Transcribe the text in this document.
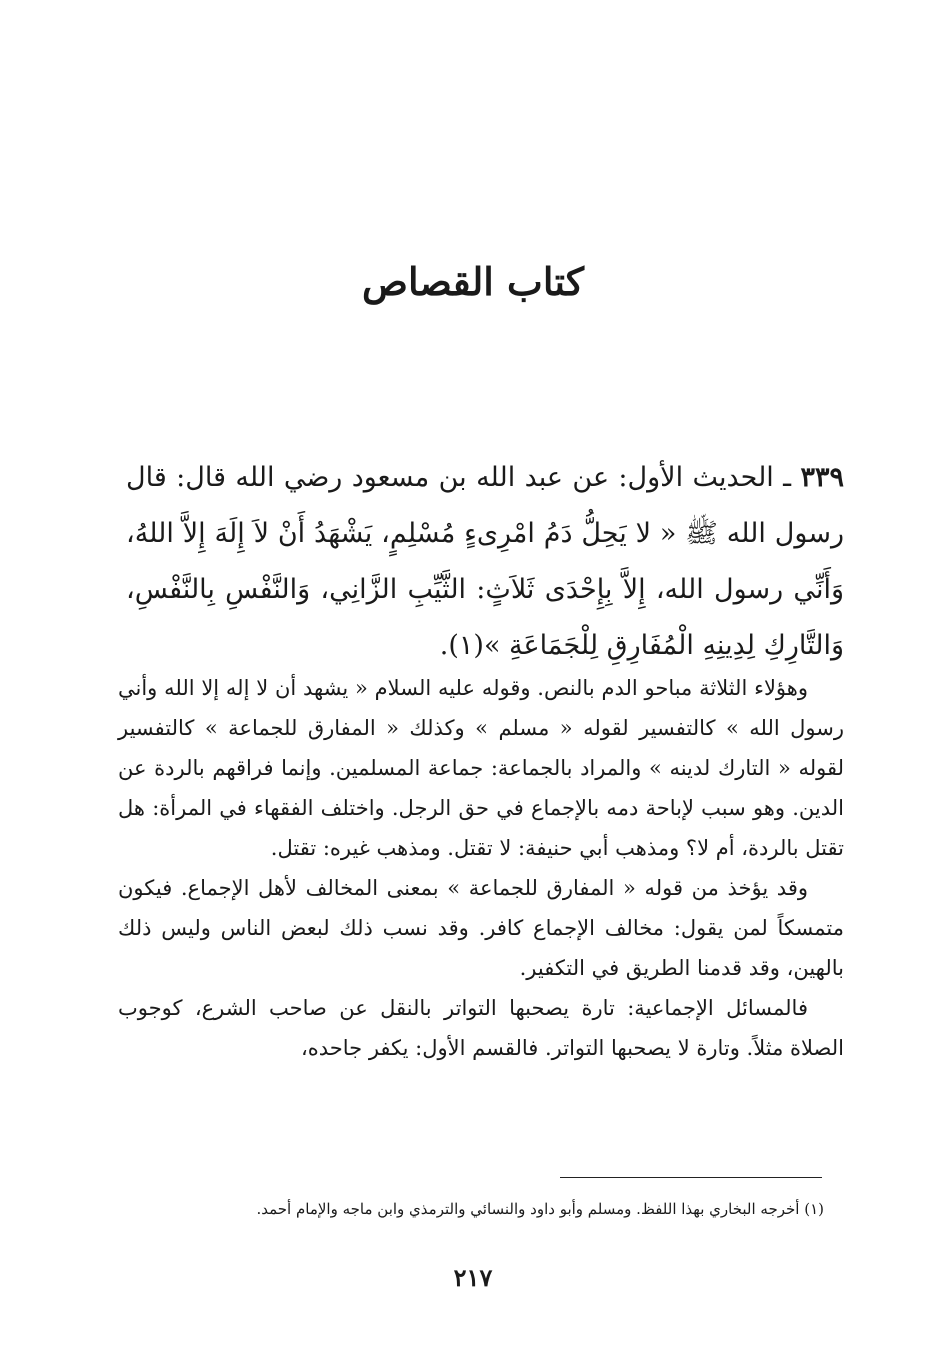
كتاب القصاص

٣٣٩ ـ الحديث الأول: عن عبد الله بن مسعود رضي الله قال: قال رسول الله ﷺ « لا يَحِلُّ دَمُ امْرِىءٍ مُسْلِمٍ، يَشْهَدُ أَنْ لاَ إِلَهَ إِلاَّ اللهُ، وَأَنِّي رسول الله، إِلاَّ بِإِحْدَى ثَلاَثٍ: الثَّيِّبِ الزَّانِي، وَالنَّفْسِ بِالنَّفْسِ، وَالتَّارِكِ لِدِينِهِ الْمُفَارِقِ لِلْجَمَاعَةِ »(١).

وهؤلاء الثلاثة مباحو الدم بالنص. وقوله عليه السلام « يشهد أن لا إله إلا الله وأني رسول الله » كالتفسير لقوله « مسلم » وكذلك « المفارق للجماعة » كالتفسير لقوله « التارك لدينه » والمراد بالجماعة: جماعة المسلمين. وإنما فراقهم بالردة عن الدين. وهو سبب لإباحة دمه بالإجماع في حق الرجل. واختلف الفقهاء في المرأة: هل تقتل بالردة، أم لا؟ ومذهب أبي حنيفة: لا تقتل. ومذهب غيره: تقتل.

وقد يؤخذ من قوله « المفارق للجماعة » بمعنى المخالف لأهل الإجماع. فيكون متمسكاً لمن يقول: مخالف الإجماع كافر. وقد نسب ذلك لبعض الناس وليس ذلك بالهين، وقد قدمنا الطريق في التكفير.

فالمسائل الإجماعية: تارة يصحبها التواتر بالنقل عن صاحب الشرع، كوجوب الصلاة مثلاً. وتارة لا يصحبها التواتر. فالقسم الأول: يكفر جاحده،

(١) أخرجه البخاري بهذا اللفظ. ومسلم وأبو داود والنسائي والترمذي وابن ماجه والإمام أحمد.

٢١٧
